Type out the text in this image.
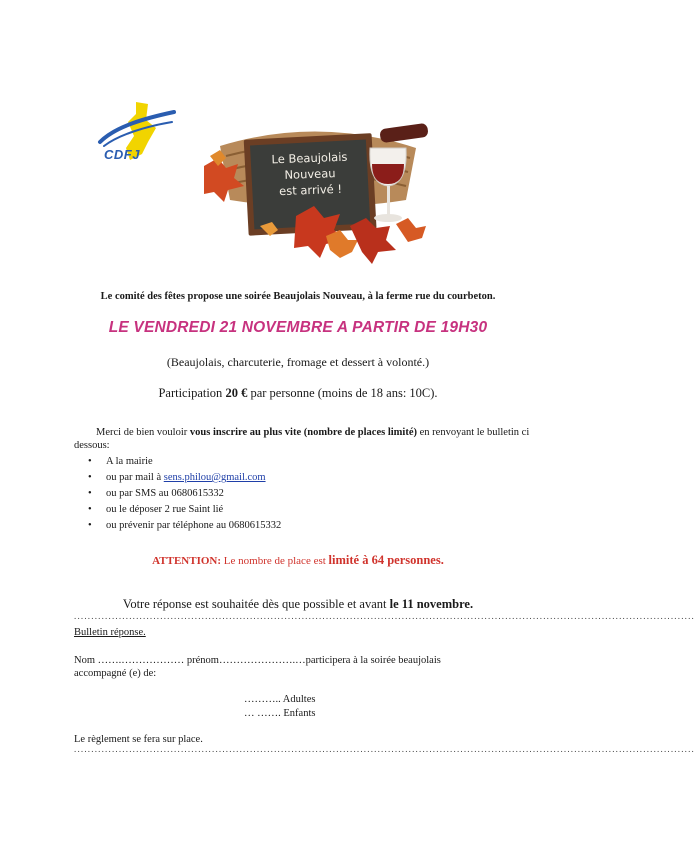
CDFJ	Le Beaujolais
Nouveau
est arrivé !
Le comité des fêtes propose une soirée Beaujolais Nouveau, à la ferme rue du courbeton.
LE VENDREDI 21 NOVEMBRE A PARTIR DE 19H30
(Beaujolais, charcuterie, fromage et dessert à volonté.)
Participation 20 € par personne (moins de 18 ans: 10C).
Merci de bien vouloir vous inscrire au plus vite (nombre de places limité) en renvoyant le bulletin ci dessous:
• A la mairie
• ou par mail à sens.philou@gmail.com
• ou par SMS au 0680615332
• ou le déposer 2 rue Saint lié
• ou prévenir par téléphone au 0680615332
ATTENTION: Le nombre de place est limité à 64 personnes.
Votre réponse est souhaitée dès que possible et avant le 11 novembre.
....................................................................................................................................................................................
Bulletin réponse.
Nom …….……………… prénom………………….…participera à la soirée beaujolais
accompagné (e) de:
……….. Adultes
… ……. Enfants
Le règlement se fera sur place.
....................................................................................................................................................................................
